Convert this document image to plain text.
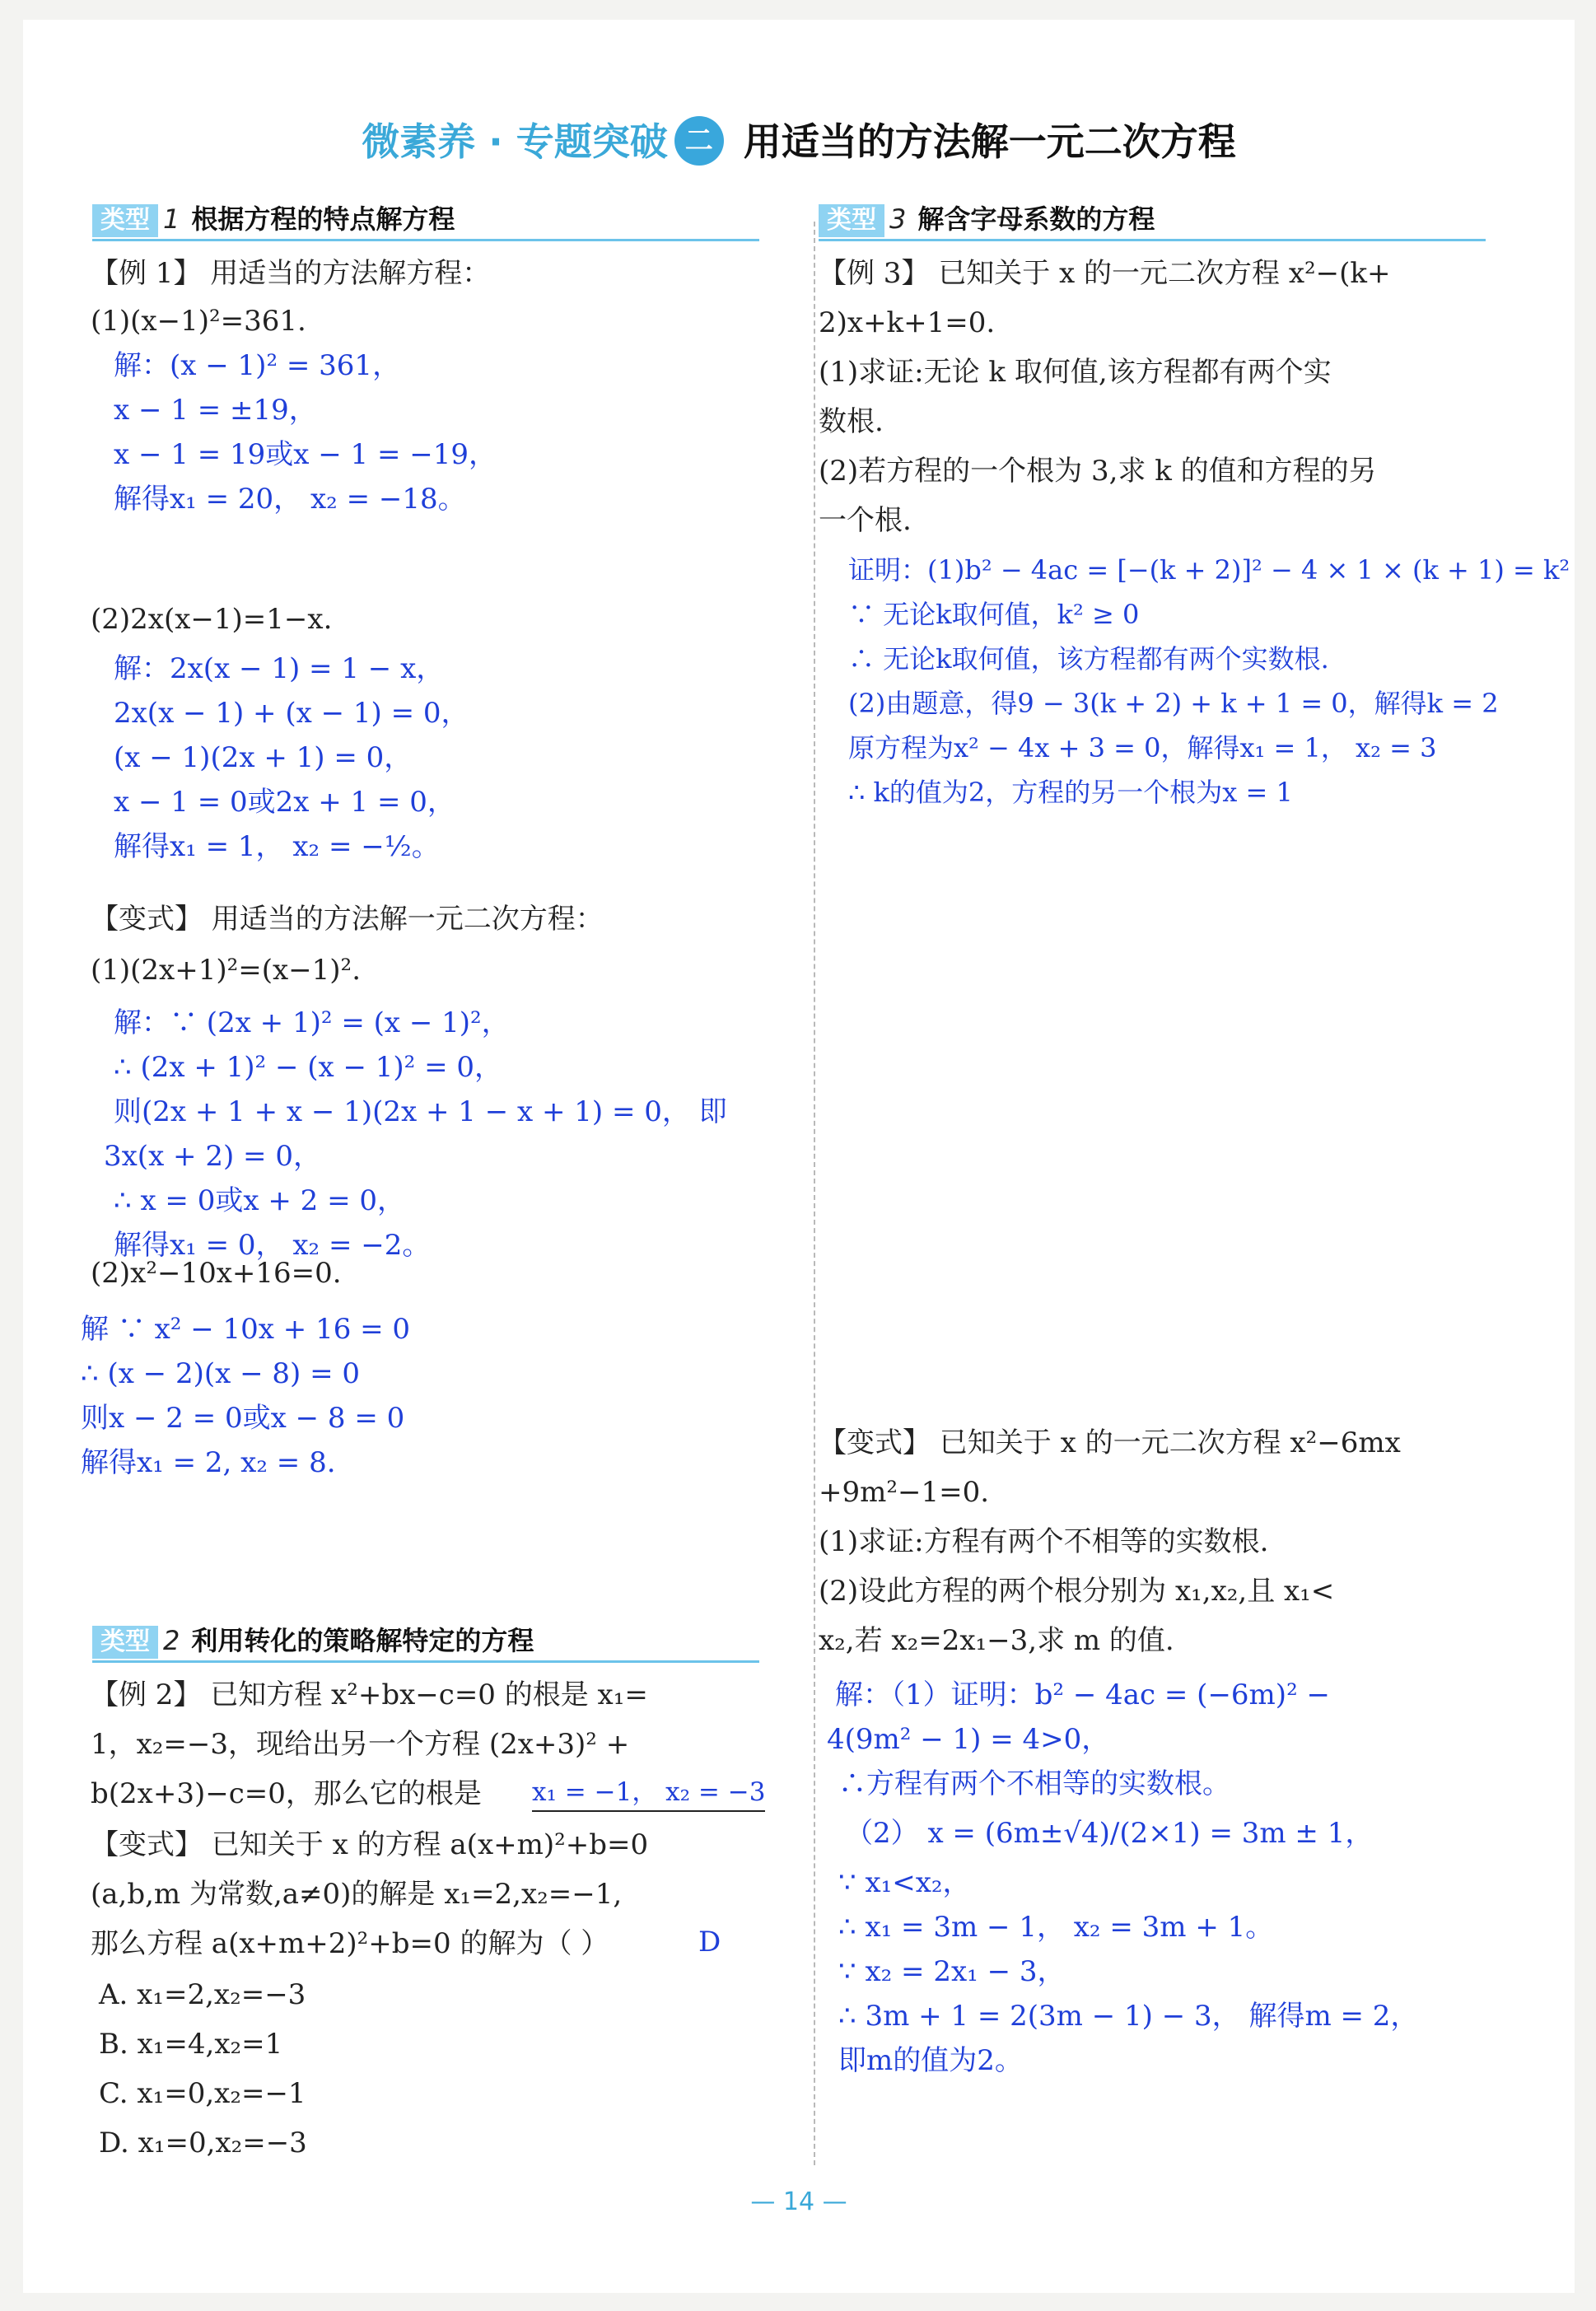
微素养 · 专题突破 二 用适当的方法解一元二次方程
类型 1 根据方程的特点解方程
【例 1】 用适当的方法解方程：
(1)(x−1)²=361.
解：(x − 1)² = 361，
x − 1 = ±19，
x − 1 = 19或x − 1 = −19，
解得x₁ = 20， x₂ = −18。
(2)2x(x−1)=1−x.
解：2x(x − 1) = 1 − x，
2x(x − 1) + (x − 1) = 0，
(x − 1)(2x + 1) = 0，
x − 1 = 0或2x + 1 = 0，
解得x₁ = 1， x₂ = −½。
【变式】 用适当的方法解一元二次方程：
(1)(2x+1)²=(x−1)².
解：∵ (2x + 1)² = (x − 1)²，
∴ (2x + 1)² − (x − 1)² = 0，
则(2x + 1 + x − 1)(2x + 1 − x + 1) = 0， 即
3x(x + 2) = 0，
∴ x = 0或x + 2 = 0，
解得x₁ = 0， x₂ = −2。
(2)x²−10x+16=0.
解 ∵ x² − 10x + 16 = 0
∴ (x − 2)(x − 8) = 0
则x − 2 = 0或x − 8 = 0
解得x₁ = 2, x₂ = 8.
类型 2 利用转化的策略解特定的方程
【例 2】 已知方程 x²+bx−c=0 的根是 x₁=
1，x₂=−3，现给出另一个方程 (2x+3)² +
b(2x+3)−c=0，那么它的根是 x₁ = −1， x₂ = −3
【变式】 已知关于 x 的方程 a(x+m)²+b=0
(a,b,m 为常数,a≠0)的解是 x₁=2,x₂=−1,
那么方程 a(x+m+2)²+b=0 的解为（ ）	D
A. x₁=2,x₂=−3
B. x₁=4,x₂=1
C. x₁=0,x₂=−1
D. x₁=0,x₂=−3
类型 3 解含字母系数的方程
【例 3】 已知关于 x 的一元二次方程 x²−(k+
2)x+k+1=0.
(1)求证:无论 k 取何值,该方程都有两个实
数根.
(2)若方程的一个根为 3,求 k 的值和方程的另
一个根.
证明：(1)b² − 4ac = [−(k + 2)]² − 4 × 1 × (k + 1) = k²
∵ 无论k取何值，k² ≥ 0
∴ 无论k取何值，该方程都有两个实数根.
(2)由题意，得9 − 3(k + 2) + k + 1 = 0，解得k = 2
原方程为x² − 4x + 3 = 0，解得x₁ = 1， x₂ = 3
∴ k的值为2，方程的另一个根为x = 1
【变式】 已知关于 x 的一元二次方程 x²−6mx
+9m²−1=0.
(1)求证:方程有两个不相等的实数根.
(2)设此方程的两个根分别为 x₁,x₂,且 x₁<
x₂,若 x₂=2x₁−3,求 m 的值.
解：（1）证明：b² − 4ac = (−6m)² −
4(9m² − 1) = 4>0，
∴方程有两个不相等的实数根。
（2） x = (6m±√4)/(2×1) = 3m ± 1，
∵ x₁<x₂，
∴ x₁ = 3m − 1， x₂ = 3m + 1。
∵ x₂ = 2x₁ − 3，
∴ 3m + 1 = 2(3m − 1) − 3， 解得m = 2，
即m的值为2。
— 14 —
